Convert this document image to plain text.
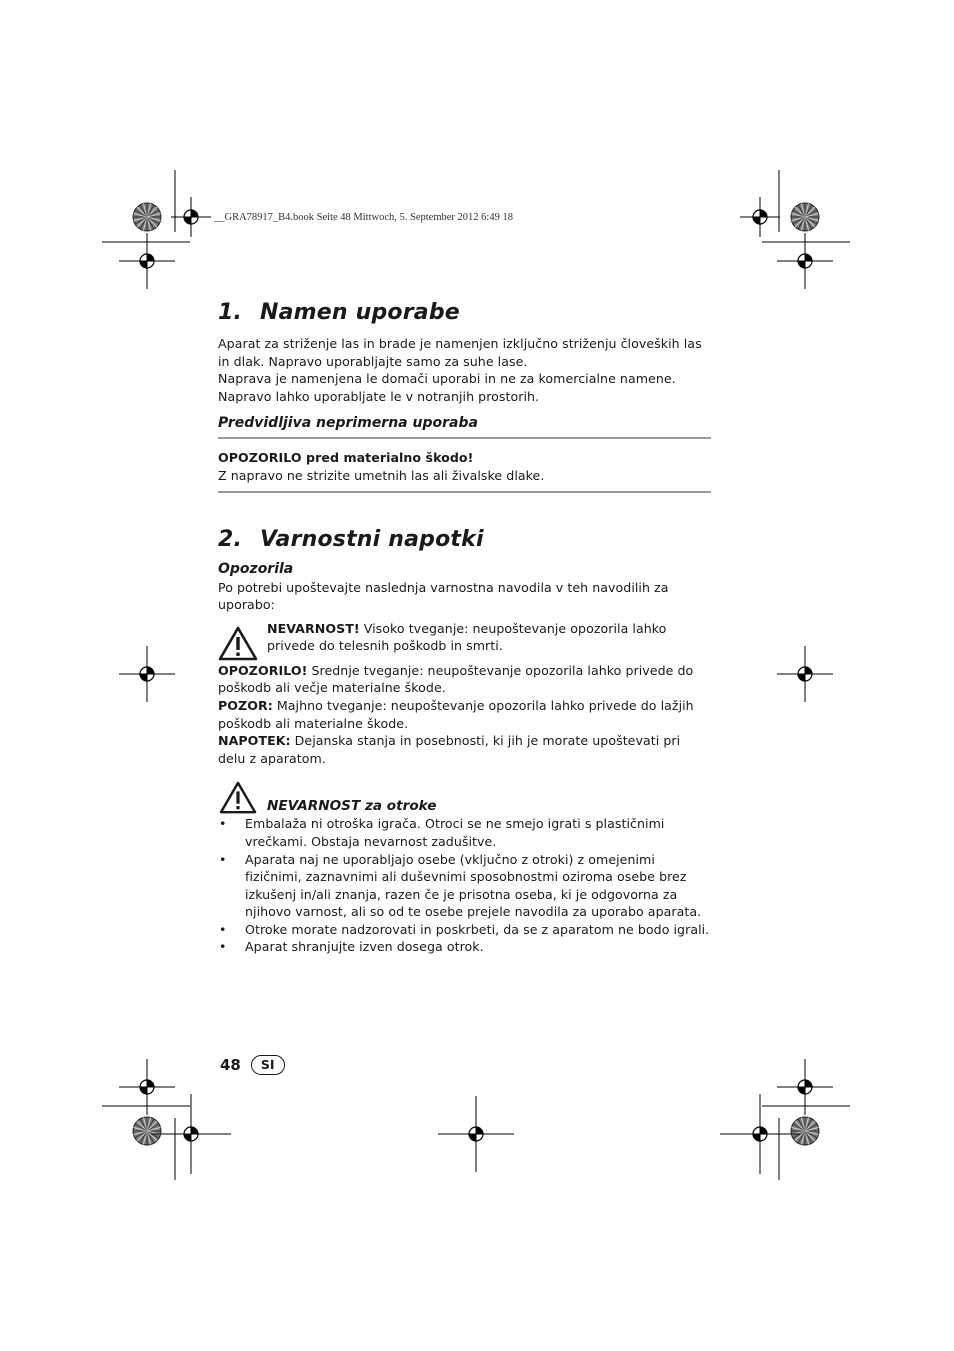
__GRA78917_B4.book Seite 48 Mittwoch, 5. September 2012 6:49 18
1. Namen uporabe

Aparat za striženje las in brade je namenjen izključno striženju človeških las in dlak. Napravo uporabljajte samo za suhe lase.

Naprava je namenjena le domači uporabi in ne za komercialne namene. Napravo lahko uporabljate le v notranjih prostorih.

Predvidljiva neprimerna uporaba

OPOZORILO pred materialno škodo!

Z napravo ne strizite umetnih las ali živalske dlake.

2. Varnostni napotki

Opozorila

Po potrebi upoštevajte naslednja varnostna navodila v teh navodilih za uporabo:

NEVARNOST! Visoko tveganje: neupoštevanje opozorila lahko privede do telesnih poškodb in smrti.

OPOZORILO! Srednje tveganje: neupoštevanje opozorila lahko privede do poškodb ali večje materialne škode.

POZOR: Majhno tveganje: neupoštevanje opozorila lahko privede do lažjih poškodb ali materialne škode.

NAPOTEK: Dejanska stanja in posebnosti, ki jih je morate upoštevati pri delu z aparatom.

NEVARNOST za otroke

• Embalaža ni otroška igrača. Otroci se ne smejo igrati s plastičnimi vrečkami. Obstaja nevarnost zadušitve.
• Aparata naj ne uporabljajo osebe (vključno z otroki) z omejenimi fizičnimi, zaznavnimi ali duševnimi sposobnostmi oziroma osebe brez izkušenj in/ali znanja, razen če je prisotna oseba, ki je odgovorna za njihovo varnost, ali so od te osebe prejele navodila za uporabo aparata.
• Otroke morate nadzorovati in poskrbeti, da se z aparatom ne bodo igrali.
• Aparat shranjujte izven dosega otrok.
48	SI
